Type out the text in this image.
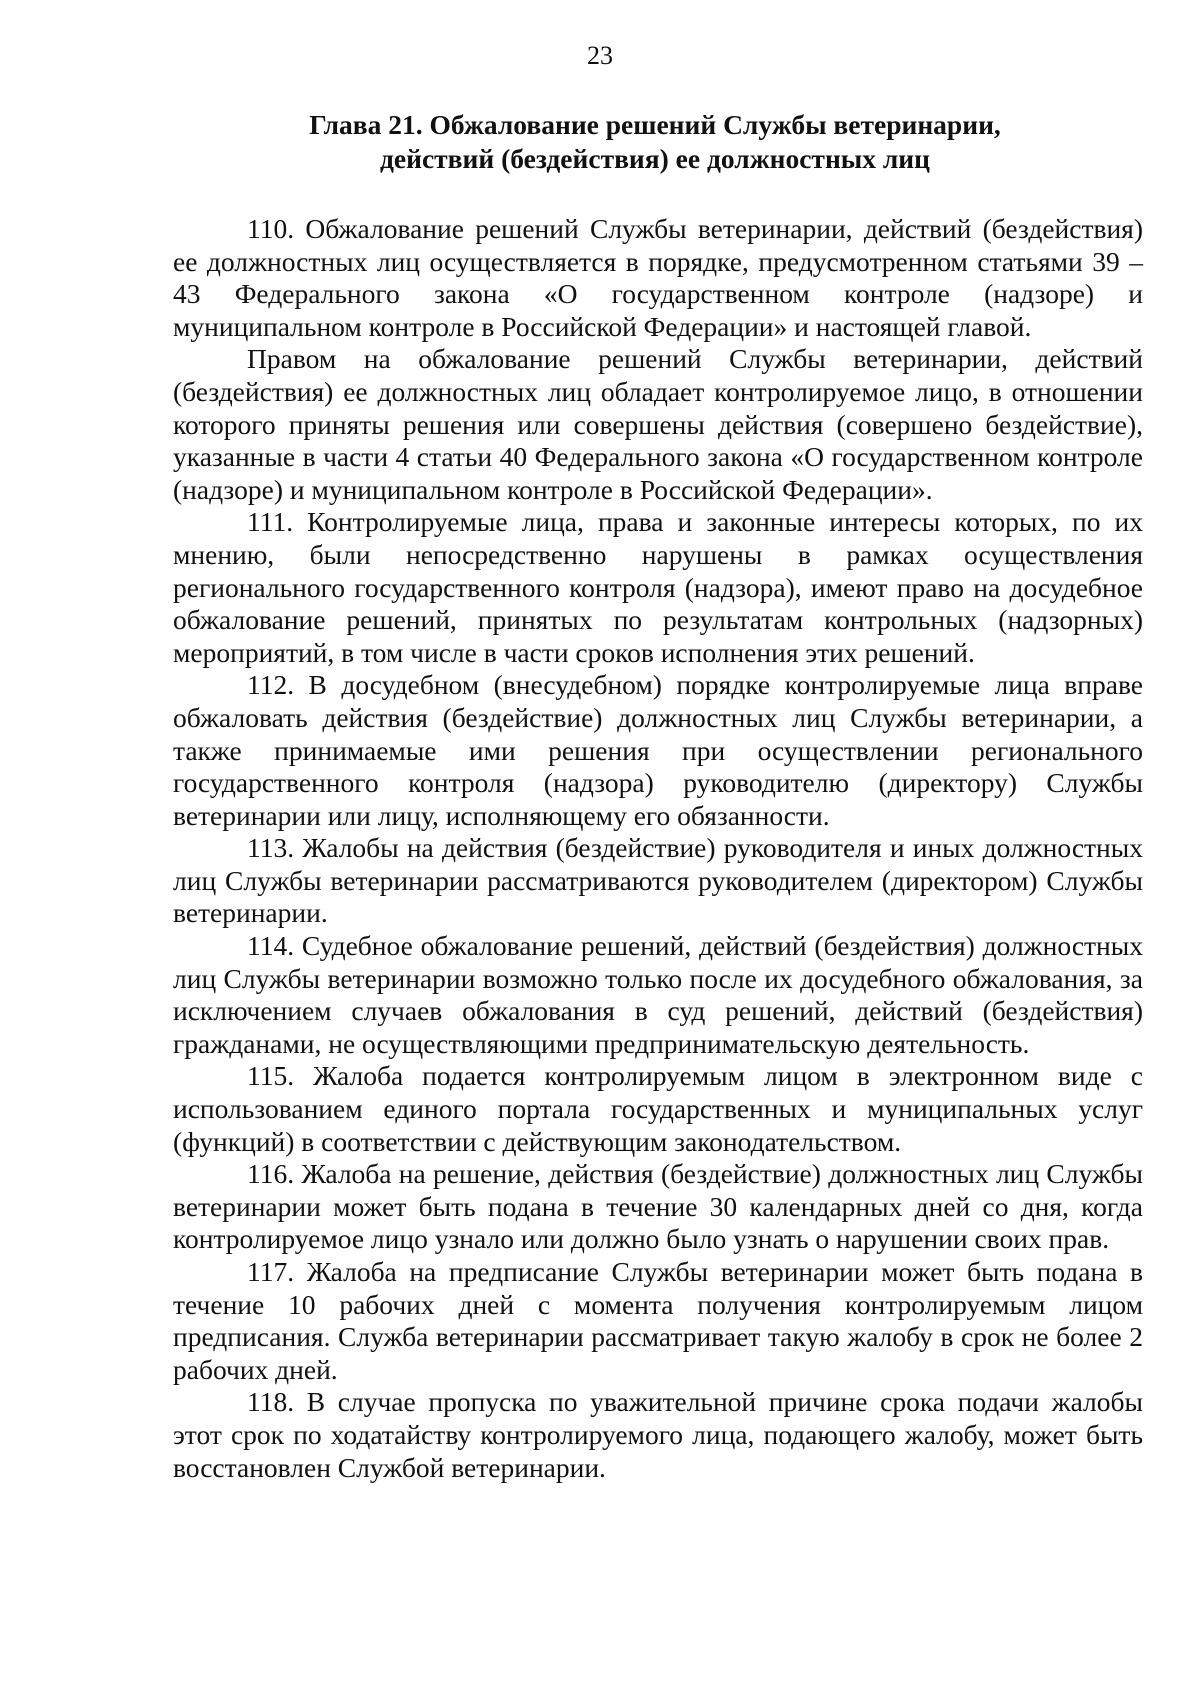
23
Глава 21. Обжалование решений Службы ветеринарии,
действий (бездействия) ее должностных лиц

110. Обжалование решений Службы ветеринарии, действий (бездействия) ее должностных лиц осуществляется в порядке, предусмотренном статьями 39 – 43 Федерального закона «О государственном контроле (надзоре) и муниципальном контроле в Российской Федерации» и настоящей главой.

Правом на обжалование решений Службы ветеринарии, действий (бездействия) ее должностных лиц обладает контролируемое лицо, в отношении которого приняты решения или совершены действия (совершено бездействие), указанные в части 4 статьи 40 Федерального закона «О государственном контроле (надзоре) и муниципальном контроле в Российской Федерации».

111. Контролируемые лица, права и законные интересы которых, по их мнению, были непосредственно нарушены в рамках осуществления регионального государственного контроля (надзора), имеют право на досудебное обжалование решений, принятых по результатам контрольных (надзорных) мероприятий, в том числе в части сроков исполнения этих решений.

112. В досудебном (внесудебном) порядке контролируемые лица вправе обжаловать действия (бездействие) должностных лиц Службы ветеринарии, а также принимаемые ими решения при осуществлении регионального государственного контроля (надзора) руководителю (директору) Службы ветеринарии или лицу, исполняющему его обязанности.

113. Жалобы на действия (бездействие) руководителя и иных должностных лиц Службы ветеринарии рассматриваются руководителем (директором) Службы ветеринарии.

114. Судебное обжалование решений, действий (бездействия) должностных лиц Службы ветеринарии возможно только после их досудебного обжалования, за исключением случаев обжалования в суд решений, действий (бездействия) гражданами, не осуществляющими предпринимательскую деятельность.

115. Жалоба подается контролируемым лицом в электронном виде с использованием единого портала государственных и муниципальных услуг (функций) в соответствии с действующим законодательством.

116. Жалоба на решение, действия (бездействие) должностных лиц Службы ветеринарии может быть подана в течение 30 календарных дней со дня, когда контролируемое лицо узнало или должно было узнать о нарушении своих прав.

117. Жалоба на предписание Службы ветеринарии может быть подана в течение 10 рабочих дней с момента получения контролируемым лицом предписания. Служба ветеринарии рассматривает такую жалобу в срок не более 2 рабочих дней.

118. В случае пропуска по уважительной причине срока подачи жалобы этот срок по ходатайству контролируемого лица, подающего жалобу, может быть восстановлен Службой ветеринарии.
